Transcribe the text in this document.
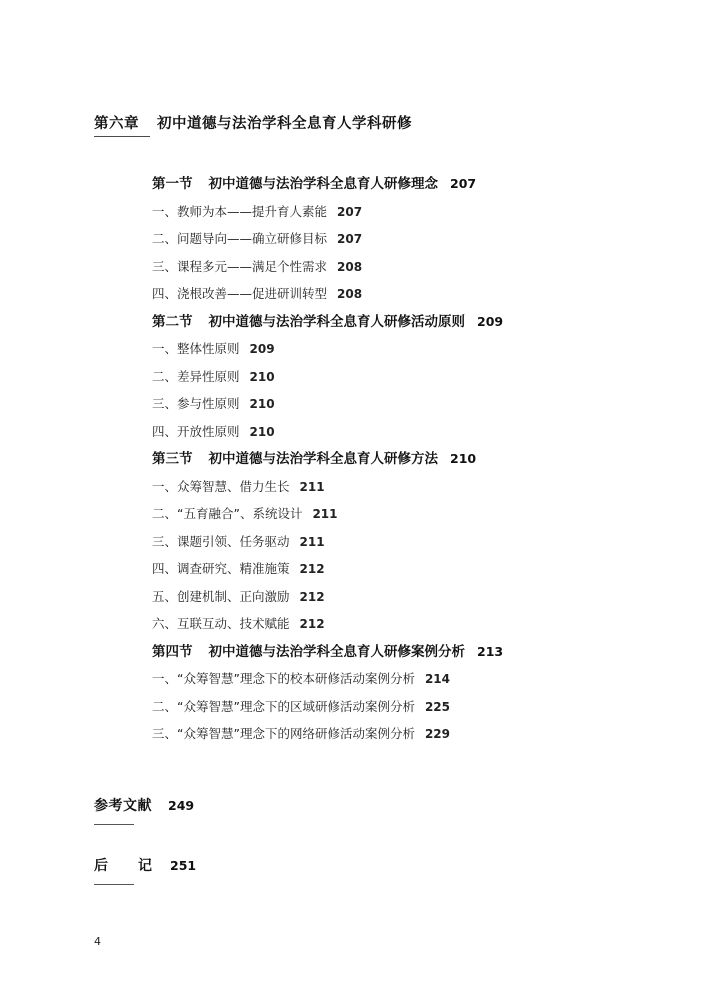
第六章 初中道德与法治学科全息育人学科研修
第一节 初中道德与法治学科全息育人研修理念 207
一、教师为本——提升育人素能 207
二、问题导向——确立研修目标 207
三、课程多元——满足个性需求 208
四、浇根改善——促进研训转型 208
第二节 初中道德与法治学科全息育人研修活动原则 209
一、整体性原则 209
二、差异性原则 210
三、参与性原则 210
四、开放性原则 210
第三节 初中道德与法治学科全息育人研修方法 210
一、众筹智慧、借力生长 211
二、“五育融合”、系统设计 211
三、课题引领、任务驱动 211
四、调查研究、精准施策 212
五、创建机制、正向激励 212
六、互联互动、技术赋能 212
第四节 初中道德与法治学科全息育人研修案例分析 213
一、“众筹智慧”理念下的校本研修活动案例分析 214
二、“众筹智慧”理念下的区域研修活动案例分析 225
三、“众筹智慧”理念下的网络研修活动案例分析 229
参考文献 249
后　记 251
4
